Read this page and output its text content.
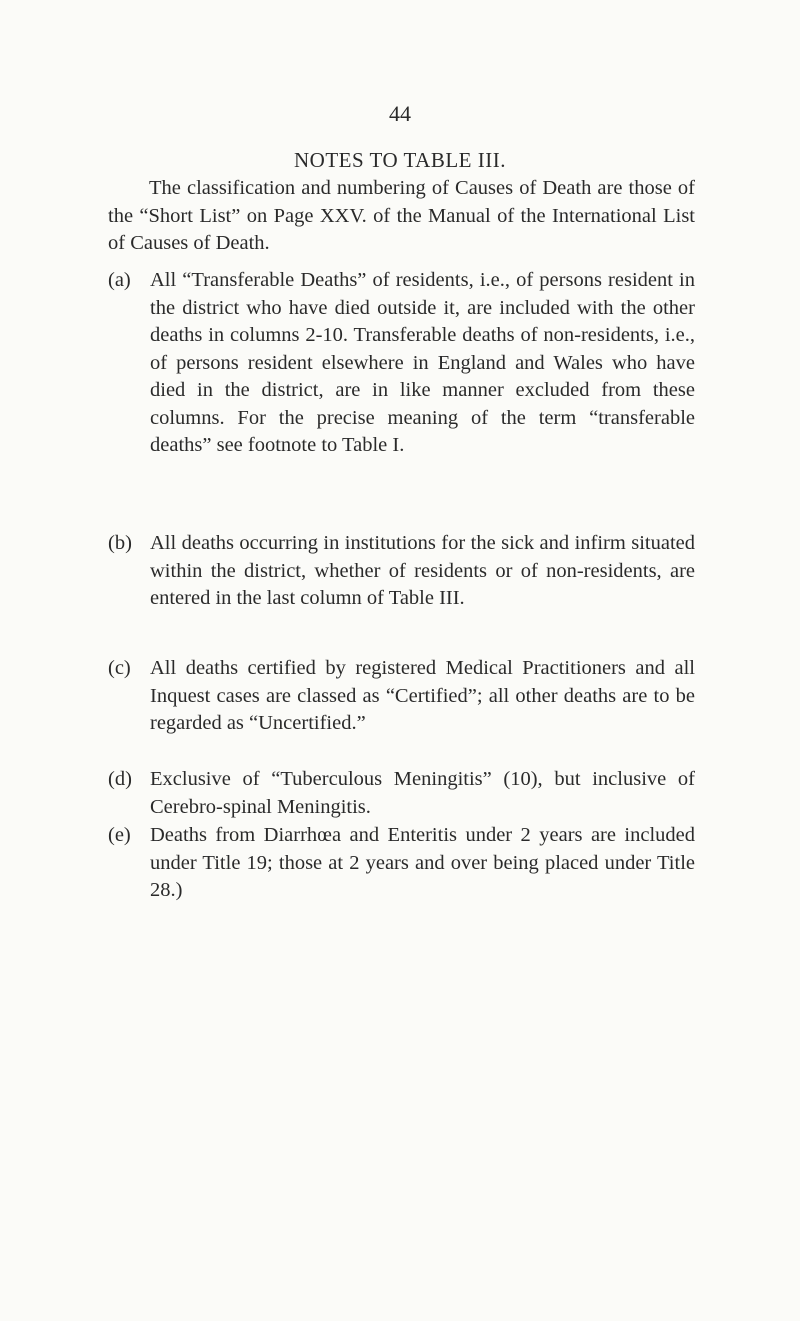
44
NOTES TO TABLE III.

The classification and numbering of Causes of Death are those of the “Short List” on Page XXV. of the Manual of the International List of Causes of Death.

(a) All “Transferable Deaths” of residents, i.e., of persons resident in the district who have died outside it, are included with the other deaths in columns 2-10. Transferable deaths of non-residents, i.e., of persons resident elsewhere in England and Wales who have died in the district, are in like manner excluded from these columns. For the precise meaning of the term “transferable deaths” see footnote to Table I.

(b) All deaths occurring in institutions for the sick and infirm situated within the district, whether of residents or of non-residents, are entered in the last column of Table III.

(c) All deaths certified by registered Medical Practitioners and all Inquest cases are classed as “Certified”; all other deaths are to be regarded as “Uncertified.”

(d) Exclusive of “Tuberculous Meningitis” (10), but inclusive of Cerebro-spinal Meningitis.

(e) Deaths from Diarrhœa and Enteritis under 2 years are included under Title 19; those at 2 years and over being placed under Title 28.)
